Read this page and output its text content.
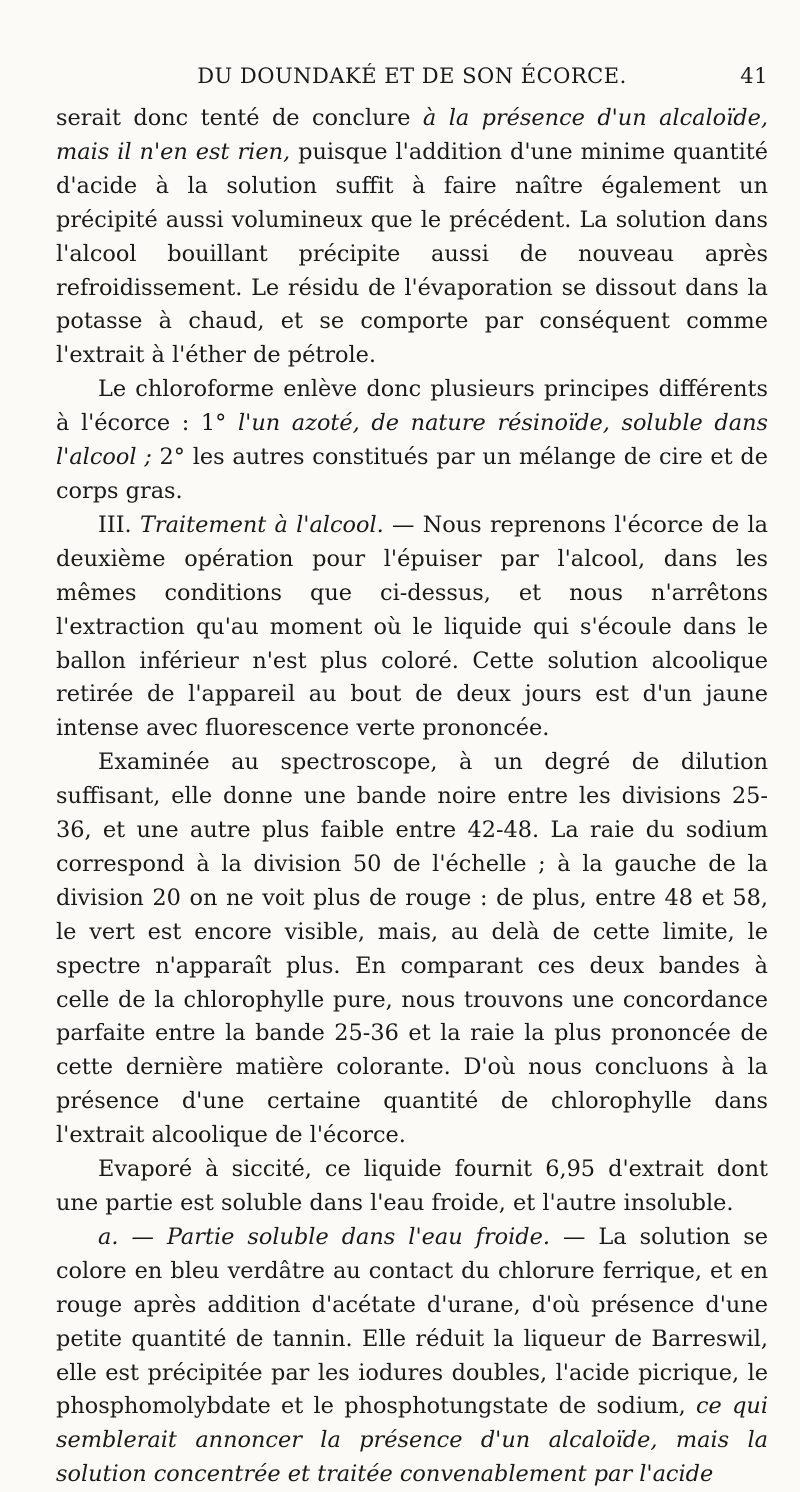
DU DOUNDAKÉ ET DE SON ÉCORCE.	41

serait donc tenté de conclure à la présence d'un alcaloïde, mais il n'en est rien, puisque l'addition d'une minime quantité d'acide à la solution suffit à faire naître également un précipité aussi volumineux que le précédent. La solution dans l'alcool bouillant précipite aussi de nouveau après refroidissement. Le résidu de l'évaporation se dissout dans la potasse à chaud, et se comporte par conséquent comme l'extrait à l'éther de pétrole.

Le chloroforme enlève donc plusieurs principes différents à l'écorce : 1° l'un azoté, de nature résinoïde, soluble dans l'alcool ; 2° les autres constitués par un mélange de cire et de corps gras.

III. Traitement à l'alcool. — Nous reprenons l'écorce de la deuxième opération pour l'épuiser par l'alcool, dans les mêmes conditions que ci-dessus, et nous n'arrêtons l'extraction qu'au moment où le liquide qui s'écoule dans le ballon inférieur n'est plus coloré. Cette solution alcoolique retirée de l'appareil au bout de deux jours est d'un jaune intense avec fluorescence verte prononcée.

Examinée au spectroscope, à un degré de dilution suffisant, elle donne une bande noire entre les divisions 25-36, et une autre plus faible entre 42-48. La raie du sodium correspond à la division 50 de l'échelle ; à la gauche de la division 20 on ne voit plus de rouge : de plus, entre 48 et 58, le vert est encore visible, mais, au delà de cette limite, le spectre n'apparaît plus. En comparant ces deux bandes à celle de la chlorophylle pure, nous trouvons une concordance parfaite entre la bande 25-36 et la raie la plus prononcée de cette dernière matière colorante. D'où nous concluons à la présence d'une certaine quantité de chlorophylle dans l'extrait alcoolique de l'écorce.

Evaporé à siccité, ce liquide fournit 6,95 d'extrait dont une partie est soluble dans l'eau froide, et l'autre insoluble.

a. — Partie soluble dans l'eau froide. — La solution se colore en bleu verdâtre au contact du chlorure ferrique, et en rouge après addition d'acétate d'urane, d'où présence d'une petite quantité de tannin. Elle réduit la liqueur de Barreswil, elle est précipitée par les iodures doubles, l'acide picrique, le phosphomolybdate et le phosphotungstate de sodium, ce qui semblerait annoncer la présence d'un alcaloïde, mais la solution concentrée et traitée convenablement par l'acide
